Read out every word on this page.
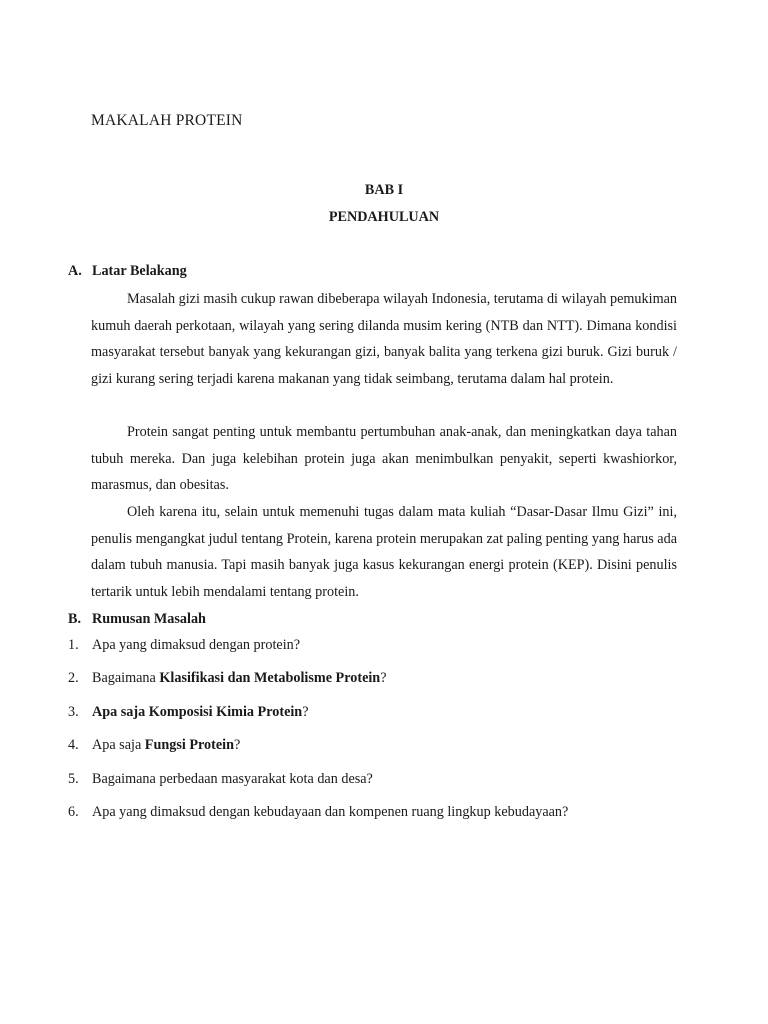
MAKALAH PROTEIN
BAB I
PENDAHULUAN
A. Latar Belakang

Masalah gizi masih cukup rawan dibeberapa wilayah Indonesia, terutama di wilayah pemukiman kumuh daerah perkotaan, wilayah yang sering dilanda musim kering (NTB dan NTT). Dimana kondisi masyarakat tersebut banyak yang kekurangan gizi, banyak balita yang terkena gizi buruk. Gizi buruk / gizi kurang sering terjadi karena makanan yang tidak seimbang, terutama dalam hal protein.

Protein sangat penting untuk membantu pertumbuhan anak-anak, dan meningkatkan daya tahan tubuh mereka. Dan juga kelebihan protein juga akan menimbulkan penyakit, seperti kwashiorkor, marasmus, dan obesitas.

Oleh karena itu, selain untuk memenuhi tugas dalam mata kuliah “Dasar-Dasar Ilmu Gizi” ini, penulis mengangkat judul tentang Protein, karena protein merupakan zat paling penting yang harus ada dalam tubuh manusia. Tapi masih banyak juga kasus kekurangan energi protein (KEP). Disini penulis tertarik untuk lebih mendalami tentang protein.

B. Rumusan Masalah
1. Apa yang dimaksud dengan protein?
2. Bagaimana Klasifikasi dan Metabolisme Protein?
3. Apa saja Komposisi Kimia Protein?
4. Apa saja Fungsi Protein?
5. Bagaimana perbedaan masyarakat kota dan desa?
6. Apa yang dimaksud dengan kebudayaan dan kompenen ruang lingkup kebudayaan?
